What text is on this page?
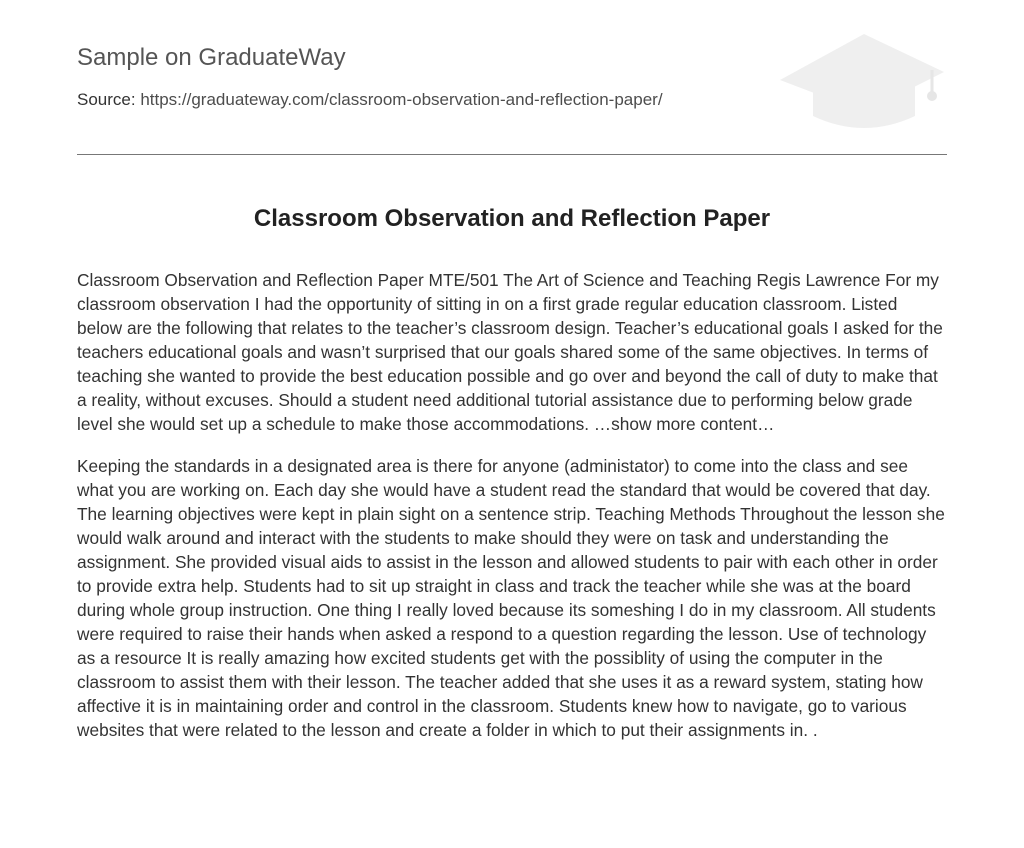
Sample on GraduateWay
Source: https://graduateway.com/classroom-observation-and-reflection-paper/
Classroom Observation and Reflection Paper

Classroom Observation and Reflection Paper MTE/501 The Art of Science and Teaching Regis Lawrence For my classroom observation I had the opportunity of sitting in on a first grade regular education classroom. Listed below are the following that relates to the teacher’s classroom design. Teacher’s educational goals I asked for the teachers educational goals and wasn’t surprised that our goals shared some of the same objectives. In terms of teaching she wanted to provide the best education possible and go over and beyond the call of duty to make that a reality, without excuses. Should a student need additional tutorial assistance due to performing below grade level she would set up a schedule to make those accommodations. …show more content…

Keeping the standards in a designated area is there for anyone (administator) to come into the class and see what you are working on. Each day she would have a student read the standard that would be covered that day. The learning objectives were kept in plain sight on a sentence strip. Teaching Methods Throughout the lesson she would walk around and interact with the students to make should they were on task and understanding the assignment. She provided visual aids to assist in the lesson and allowed students to pair with each other in order to provide extra help. Students had to sit up straight in class and track the teacher while she was at the board during whole group instruction. One thing I really loved because its someshing I do in my classroom. All students were required to raise their hands when asked a respond to a question regarding the lesson. Use of technology as a resource It is really amazing how excited students get with the possiblity of using the computer in the classroom to assist them with their lesson. The teacher added that she uses it as a reward system, stating how affective it is in maintaining order and control in the classroom. Students knew how to navigate, go to various websites that were related to the lesson and create a folder in which to put their assignments in. .
